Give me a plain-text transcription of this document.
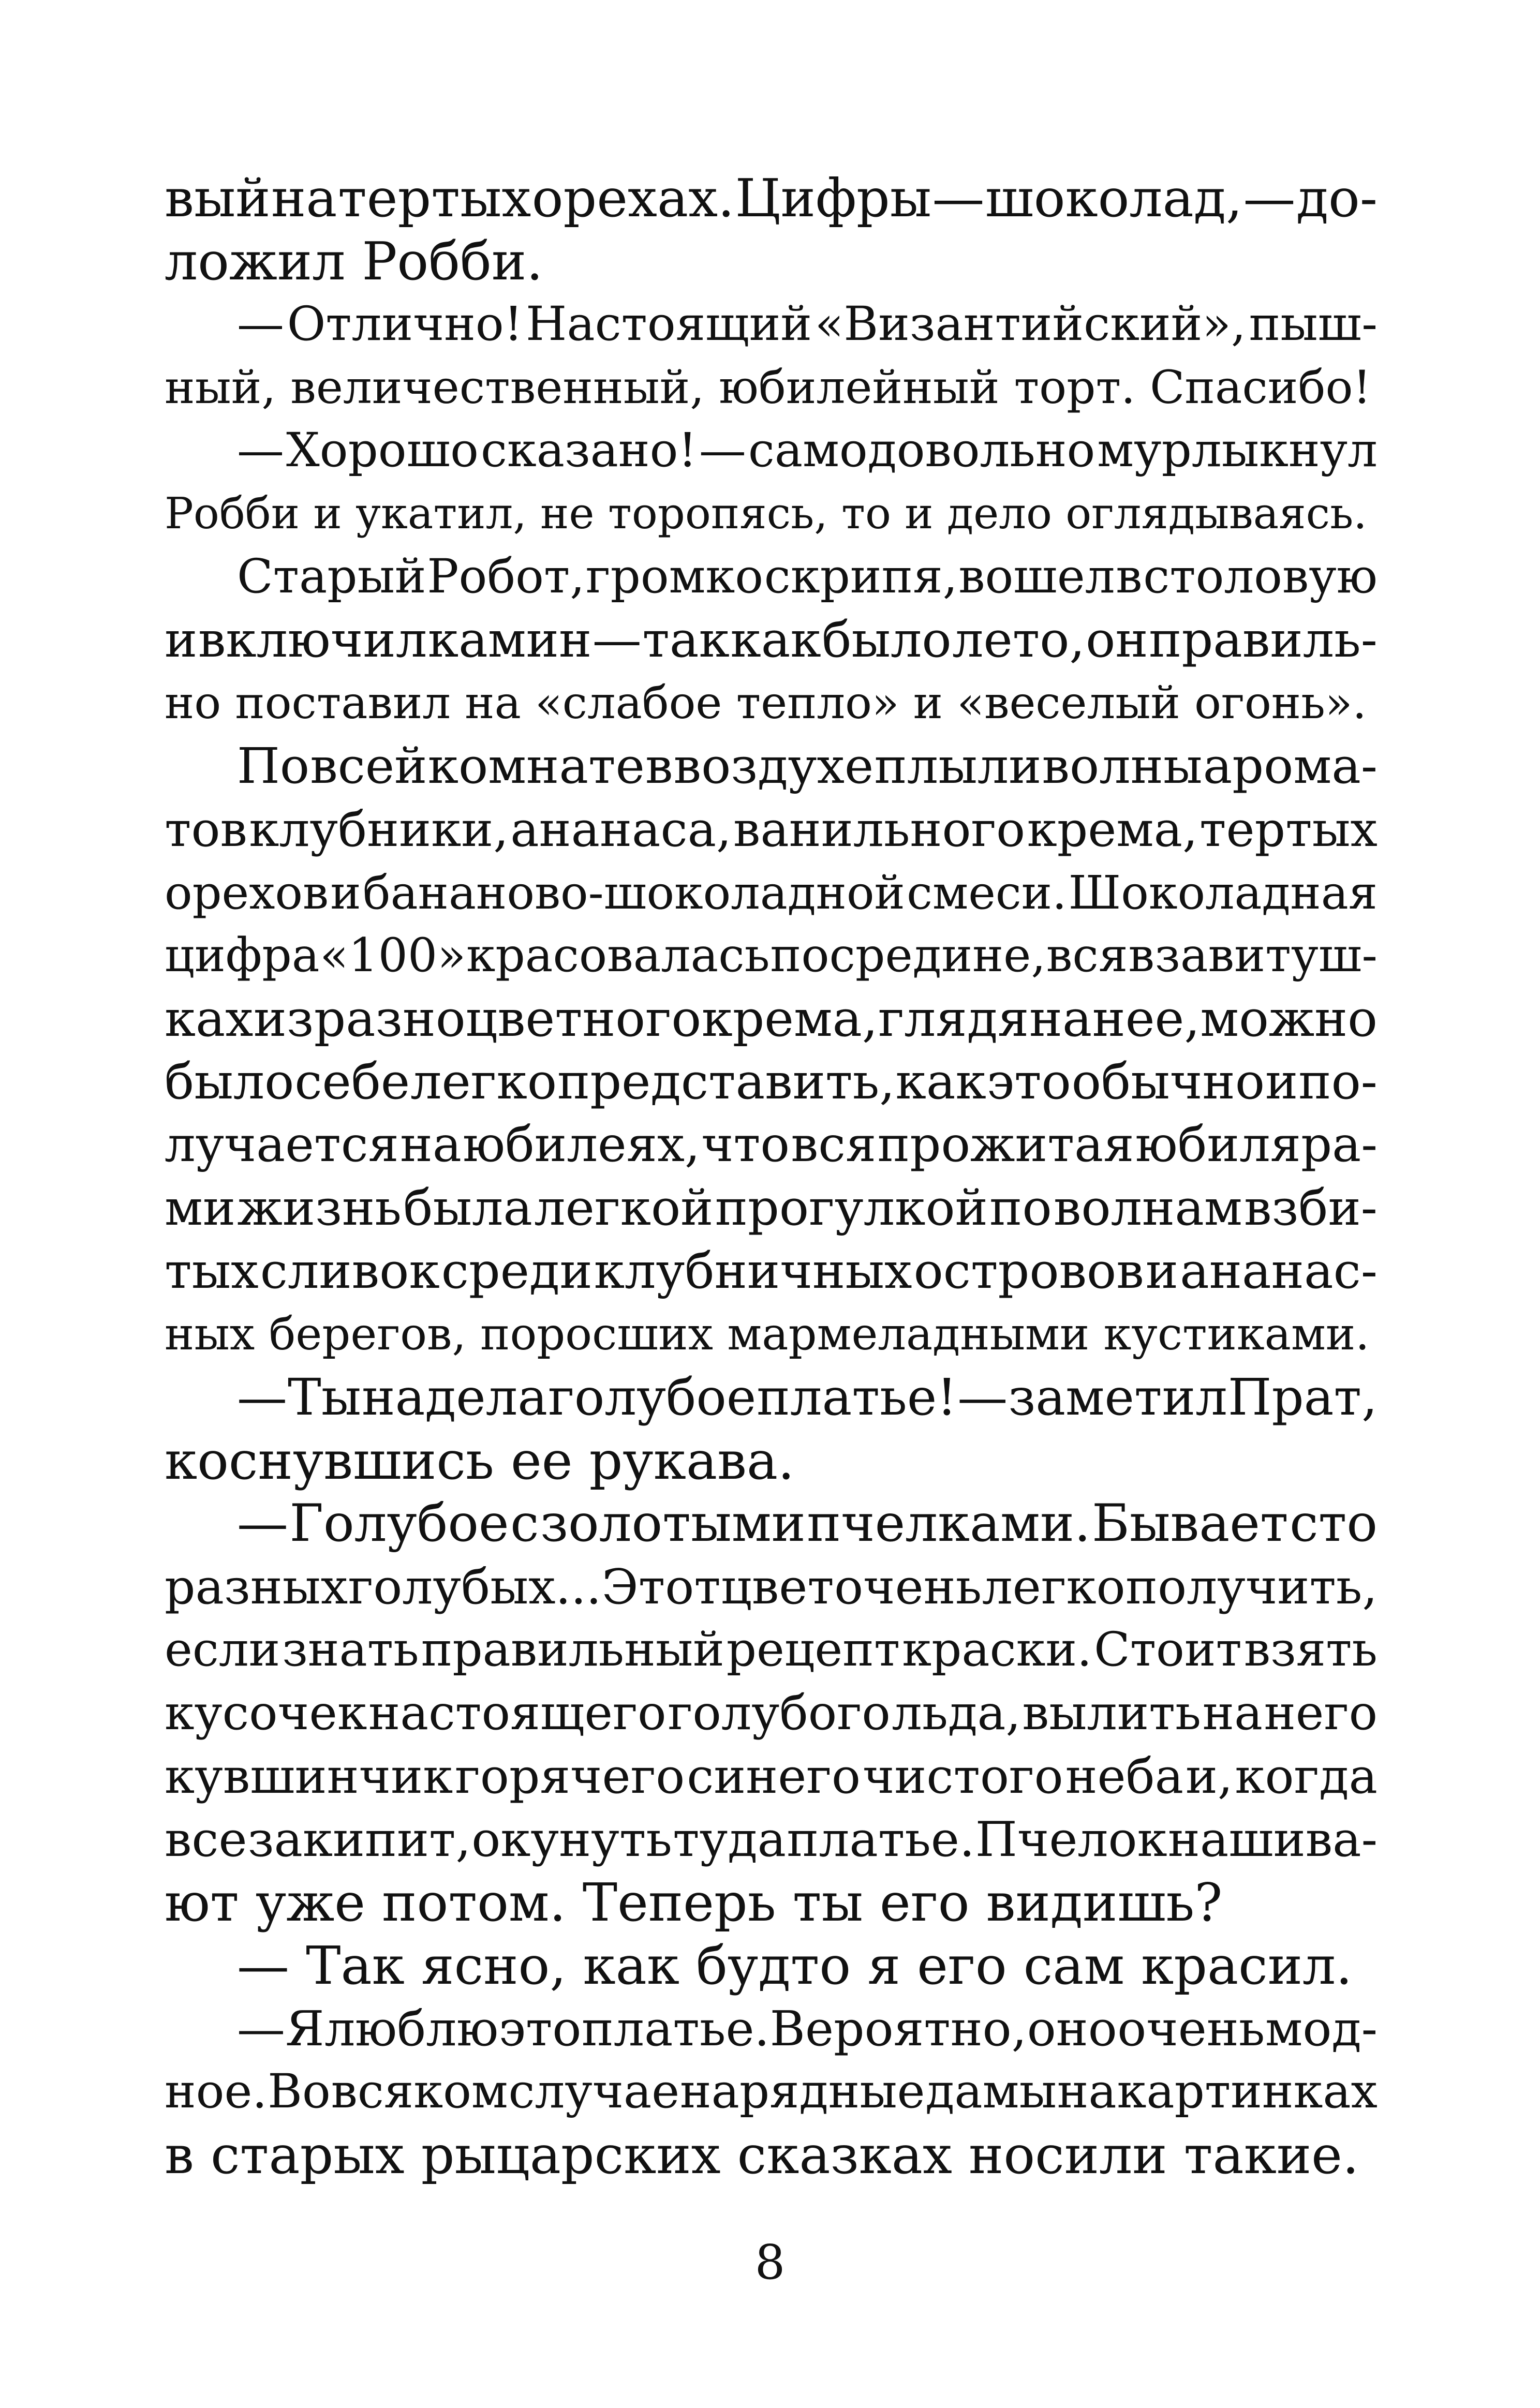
вый на тертых орехах. Цифры — шоколад, — до-
ложил Робби.
— Отлично! Настоящий «Византийский», пыш-
ный, величественный, юбилейный торт. Спасибо!
— Хорошо сказано! — самодовольно мурлыкнул
Робби и укатил, не торопясь, то и дело оглядываясь.
Старый Робот, громко скрипя, вошел в столовую
и включил камин — так как было лето, он правиль-
но поставил на «слабое тепло» и «веселый огонь».
По всей комнате в воздухе плыли волны арома-
тов клубники, ананаса, ванильного крема, тертых
орехов и бананово-шоколадной смеси. Шоколадная
цифра «100» красовалась посредине, вся в завитуш-
ках из разноцветного крема, глядя на нее, можно
было себе легко представить, как это обычно и по-
лучается на юбилеях, что вся прожитая юбиляра-
ми жизнь была легкой прогулкой по волнам взби-
тых сливок среди клубничных островов и ананас-
ных берегов, поросших мармеладными кустиками.
— Ты надела голубое платье! — заметил Прат,
коснувшись ее рукава.
— Голубое с золотыми пчелками. Бывает сто
разных голубых... Этот цвет очень легко получить,
если знать правильный рецепт краски. Стоит взять
кусочек настоящего голубого льда, вылить на него
кувшинчик горячего синего чистого неба и, когда
все закипит, окунуть туда платье. Пчелок нашива-
ют уже потом. Теперь ты его видишь?
— Так ясно, как будто я его сам красил.
— Я люблю это платье. Вероятно, оно очень мод-
ное. Во всяком случае нарядные дамы на картинках
в старых рыцарских сказках носили такие.
8
